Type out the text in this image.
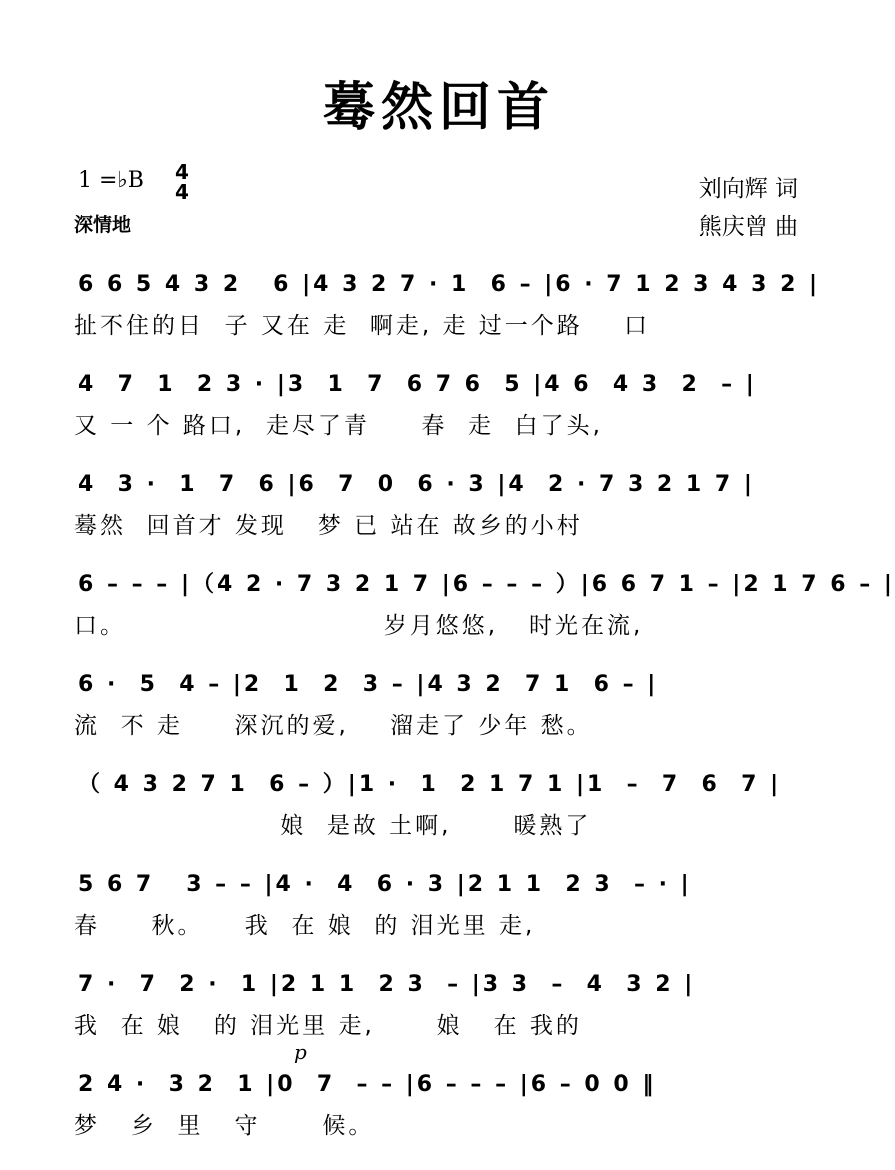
蓦然回首
1 =♭B 4
4
深情地
刘向辉 词
熊庆曾 曲
6 6 5 4 3 2   6 |4 3 2 7 · 1  6 – |6 · 7 1 2 3 4 3 2 |
扯不住的日  子 又在 走  啊走, 走 过一个路    口
4  7  1  2 3 · |3  1  7  6 7 6  5 |4 6  4 3  2  – |
又 一 个 路口,  走尽了青     春  走  白了头,
4  3 ·  1  7  6 |6  7  0  6 · 3 |4  2 · 7 3 2 1 7 |
蓦然  回首才 发现   梦 已 站在 故乡的小村
6 – – – |（4 2 · 7 3 2 1 7 |6 – – – ）|6 6 7 1 – |2 1 7 6 – |
口。                         岁月悠悠,   时光在流,
6 ·  5  4 – |2  1  2  3 – |4 3 2  7 1  6 – |
流  不 走     深沉的爱,    溜走了 少年 愁。
（ 4 3 2 7 1  6 – ）|1 ·  1  2 1 7 1 |1  –  7  6  7 |
娘  是故 土啊,      暖熟了
5 6 7   3 – – |4 ·  4  6 · 3 |2 1 1  2 3  – · |
春     秋。    我  在 娘  的 泪光里 走,
7 ·  7  2 ·  1 |2 1 1  2 3  – |3 3  –  4  3 2 |
我  在 娘   的 泪光里 走,      娘   在 我的
p
2 4 ·  3 2  1 |0  7  – – |6 – – – |6 – 0 0 ‖
梦   乡  里   守      候。
